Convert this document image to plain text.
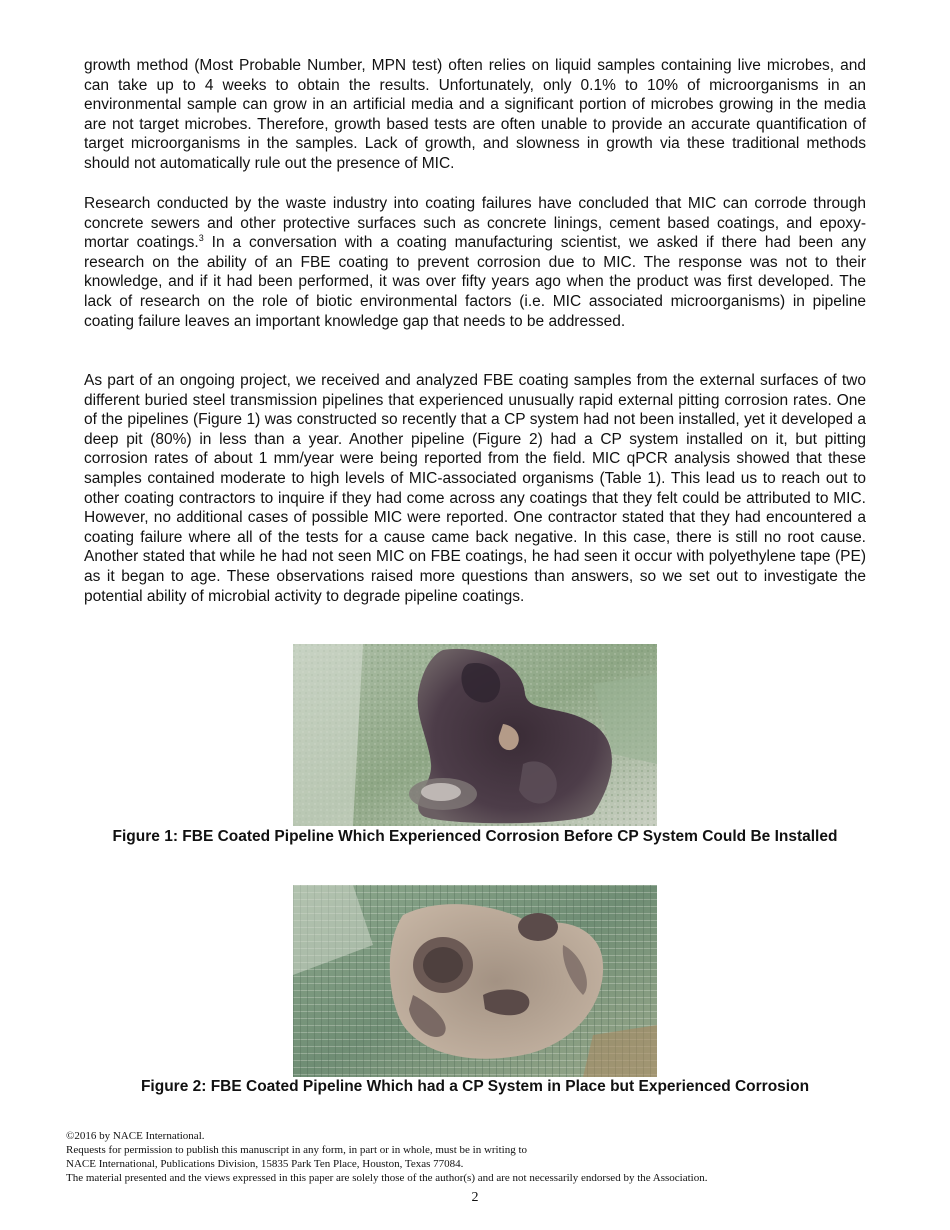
growth method (Most Probable Number, MPN test) often relies on liquid samples containing live microbes, and can take up to 4 weeks to obtain the results. Unfortunately, only 0.1% to 10% of microorganisms in an environmental sample can grow in an artificial media and a significant portion of microbes growing in the media are not target microbes. Therefore, growth based tests are often unable to provide an accurate quantification of target microorganisms in the samples. Lack of growth, and slowness in growth via these traditional methods should not automatically rule out the presence of MIC.

Research conducted by the waste industry into coating failures have concluded that MIC can corrode through concrete sewers and other protective surfaces such as concrete linings, cement based coatings, and epoxy-mortar coatings.$^3$ In a conversation with a coating manufacturing scientist, we asked if there had been any research on the ability of an FBE coating to prevent corrosion due to MIC. The response was not to their knowledge, and if it had been performed, it was over fifty years ago when the product was first developed. The lack of research on the role of biotic environmental factors (i.e. MIC associated microorganisms) in pipeline coating failure leaves an important knowledge gap that needs to be addressed.

As part of an ongoing project, we received and analyzed FBE coating samples from the external surfaces of two different buried steel transmission pipelines that experienced unusually rapid external pitting corrosion rates. One of the pipelines (Figure 1) was constructed so recently that a CP system had not been installed, yet it developed a deep pit (80%) in less than a year. Another pipeline (Figure 2) had a CP system installed on it, but pitting corrosion rates of about 1 mm/year were being reported from the field. MIC qPCR analysis showed that these samples contained moderate to high levels of MIC-associated organisms (Table 1). This lead us to reach out to other coating contractors to inquire if they had come across any coatings that they felt could be attributed to MIC. However, no additional cases of possible MIC were reported. One contractor stated that they had encountered a coating failure where all of the tests for a cause came back negative. In this case, there is still no root cause. Another stated that while he had not seen MIC on FBE coatings, he had seen it occur with polyethylene tape (PE) as it began to age. These observations raised more questions than answers, so we set out to investigate the potential ability of microbial activity to degrade pipeline coatings.

Figure 1: FBE Coated Pipeline Which Experienced Corrosion Before CP System Could Be Installed

Figure 2: FBE Coated Pipeline Which had a CP System in Place but Experienced Corrosion

©2016 by NACE International.
Requests for permission to publish this manuscript in any form, in part or in whole, must be in writing to
NACE International, Publications Division, 15835 Park Ten Place, Houston, Texas 77084.
The material presented and the views expressed in this paper are solely those of the author(s) and are not necessarily endorsed by the Association.
2
